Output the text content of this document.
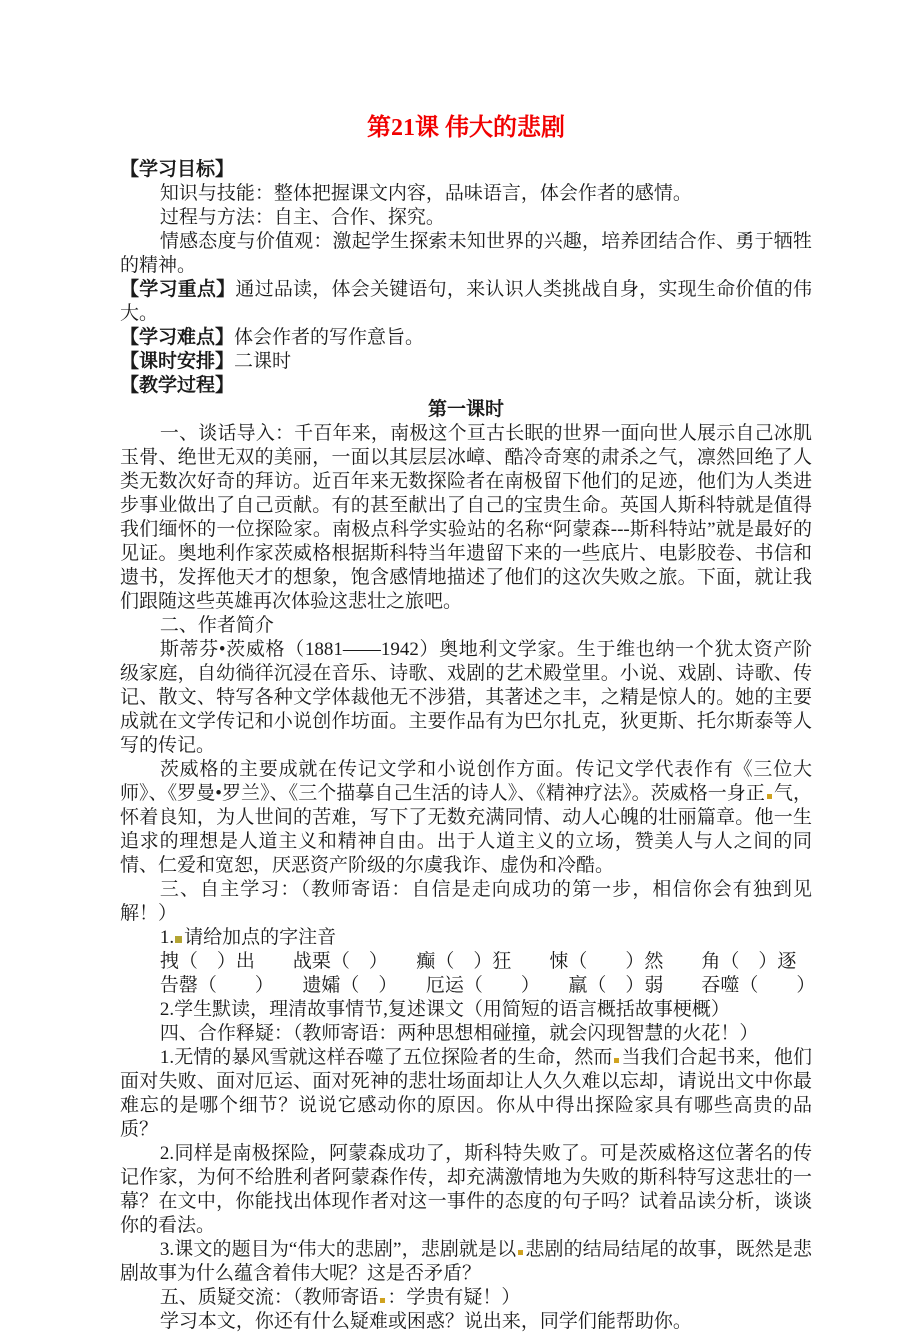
第21课 伟大的悲剧

【学习目标】

知识与技能：整体把握课文内容，品味语言，体会作者的感情。

过程与方法：自主、合作、探究。

情感态度与价值观：激起学生探索未知世界的兴趣，培养团结合作、勇于牺牲的精神。

【学习重点】通过品读，体会关键语句，来认识人类挑战自身，实现生命价值的伟大。

【学习难点】体会作者的写作意旨。

【课时安排】二课时

【教学过程】

第一课时

一、谈话导入：千百年来，南极这个亘古长眠的世界一面向世人展示自己冰肌玉骨、绝世无双的美丽，一面以其层层冰嶂、酷冷奇寒的肃杀之气，凛然回绝了人类无数次好奇的拜访。近百年来无数探险者在南极留下他们的足迹，他们为人类进步事业做出了自己贡献。有的甚至献出了自己的宝贵生命。英国人斯科特就是值得我们缅怀的一位探险家。南极点科学实验站的名称“阿蒙森---斯科特站”就是最好的见证。奥地利作家茨威格根据斯科特当年遗留下来的一些底片、电影胶卷、书信和遗书，发挥他天才的想象，饱含感情地描述了他们的这次失败之旅。下面，就让我们跟随这些英雄再次体验这悲壮之旅吧。

二、作者简介

斯蒂芬•茨威格（1881——1942）奥地利文学家。生于维也纳一个犹太资产阶级家庭，自幼徜徉沉浸在音乐、诗歌、戏剧的艺术殿堂里。小说、戏剧、诗歌、传记、散文、特写各种文学体裁他无不涉猎，其著述之丰，之精是惊人的。她的主要成就在文学传记和小说创作坊面。主要作品有为巴尔扎克，狄更斯、托尔斯泰等人写的传记。

茨威格的主要成就在传记文学和小说创作方面。传记文学代表作有《三位大师》、《罗曼•罗兰》、《三个描摹自己生活的诗人》、《精神疗法》。茨威格一身正 气，怀着良知，为人世间的苦难，写下了无数充满同情、动人心魄的壮丽篇章。他一生追求的理想是人道主义和精神自由。出于人道主义的立场，赞美人与人之间的同情、仁爱和宽恕，厌恶资产阶级的尔虞我诈、虚伪和冷酷。

三、自主学习：（教师寄语：自信是走向成功的第一步，相信你会有独到见解！）

1. 请给加点的字注音

拽（　）出　　战栗（　）　　癫（　）狂　　悚（　　）然　　角（　）逐

告罄（　　）　　遗孀（　）　　厄运（　　）　　羸（　）弱　　吞噬（　　）

2.学生默读，理清故事情节,复述课文（用简短的语言概括故事梗概）

四、合作释疑：（教师寄语：两种思想相碰撞，就会闪现智慧的火花！）

1.无情的暴风雪就这样吞噬了五位探险者的生命，然而 当我们合起书来，他们面对失败、面对厄运、面对死神的悲壮场面却让人久久难以忘却，请说出文中你最难忘的是哪个细节？说说它感动你的原因。你从中得出探险家具有哪些高贵的品质？

2.同样是南极探险，阿蒙森成功了，斯科特失败了。可是茨威格这位著名的传记作家，为何不给胜利者阿蒙森作传，却充满激情地为失败的斯科特写这悲壮的一幕？在文中，你能找出体现作者对这一事件的态度的句子吗？试着品读分析，谈谈你的看法。

3.课文的题目为“伟大的悲剧”，悲剧就是以 悲剧的结局结尾的故事，既然是悲剧故事为什么蕴含着伟大呢？这是否矛盾？

五、质疑交流：（教师寄语 ：学贵有疑！）

学习本文，你还有什么疑难或困惑？说出来，同学们能帮助你。
